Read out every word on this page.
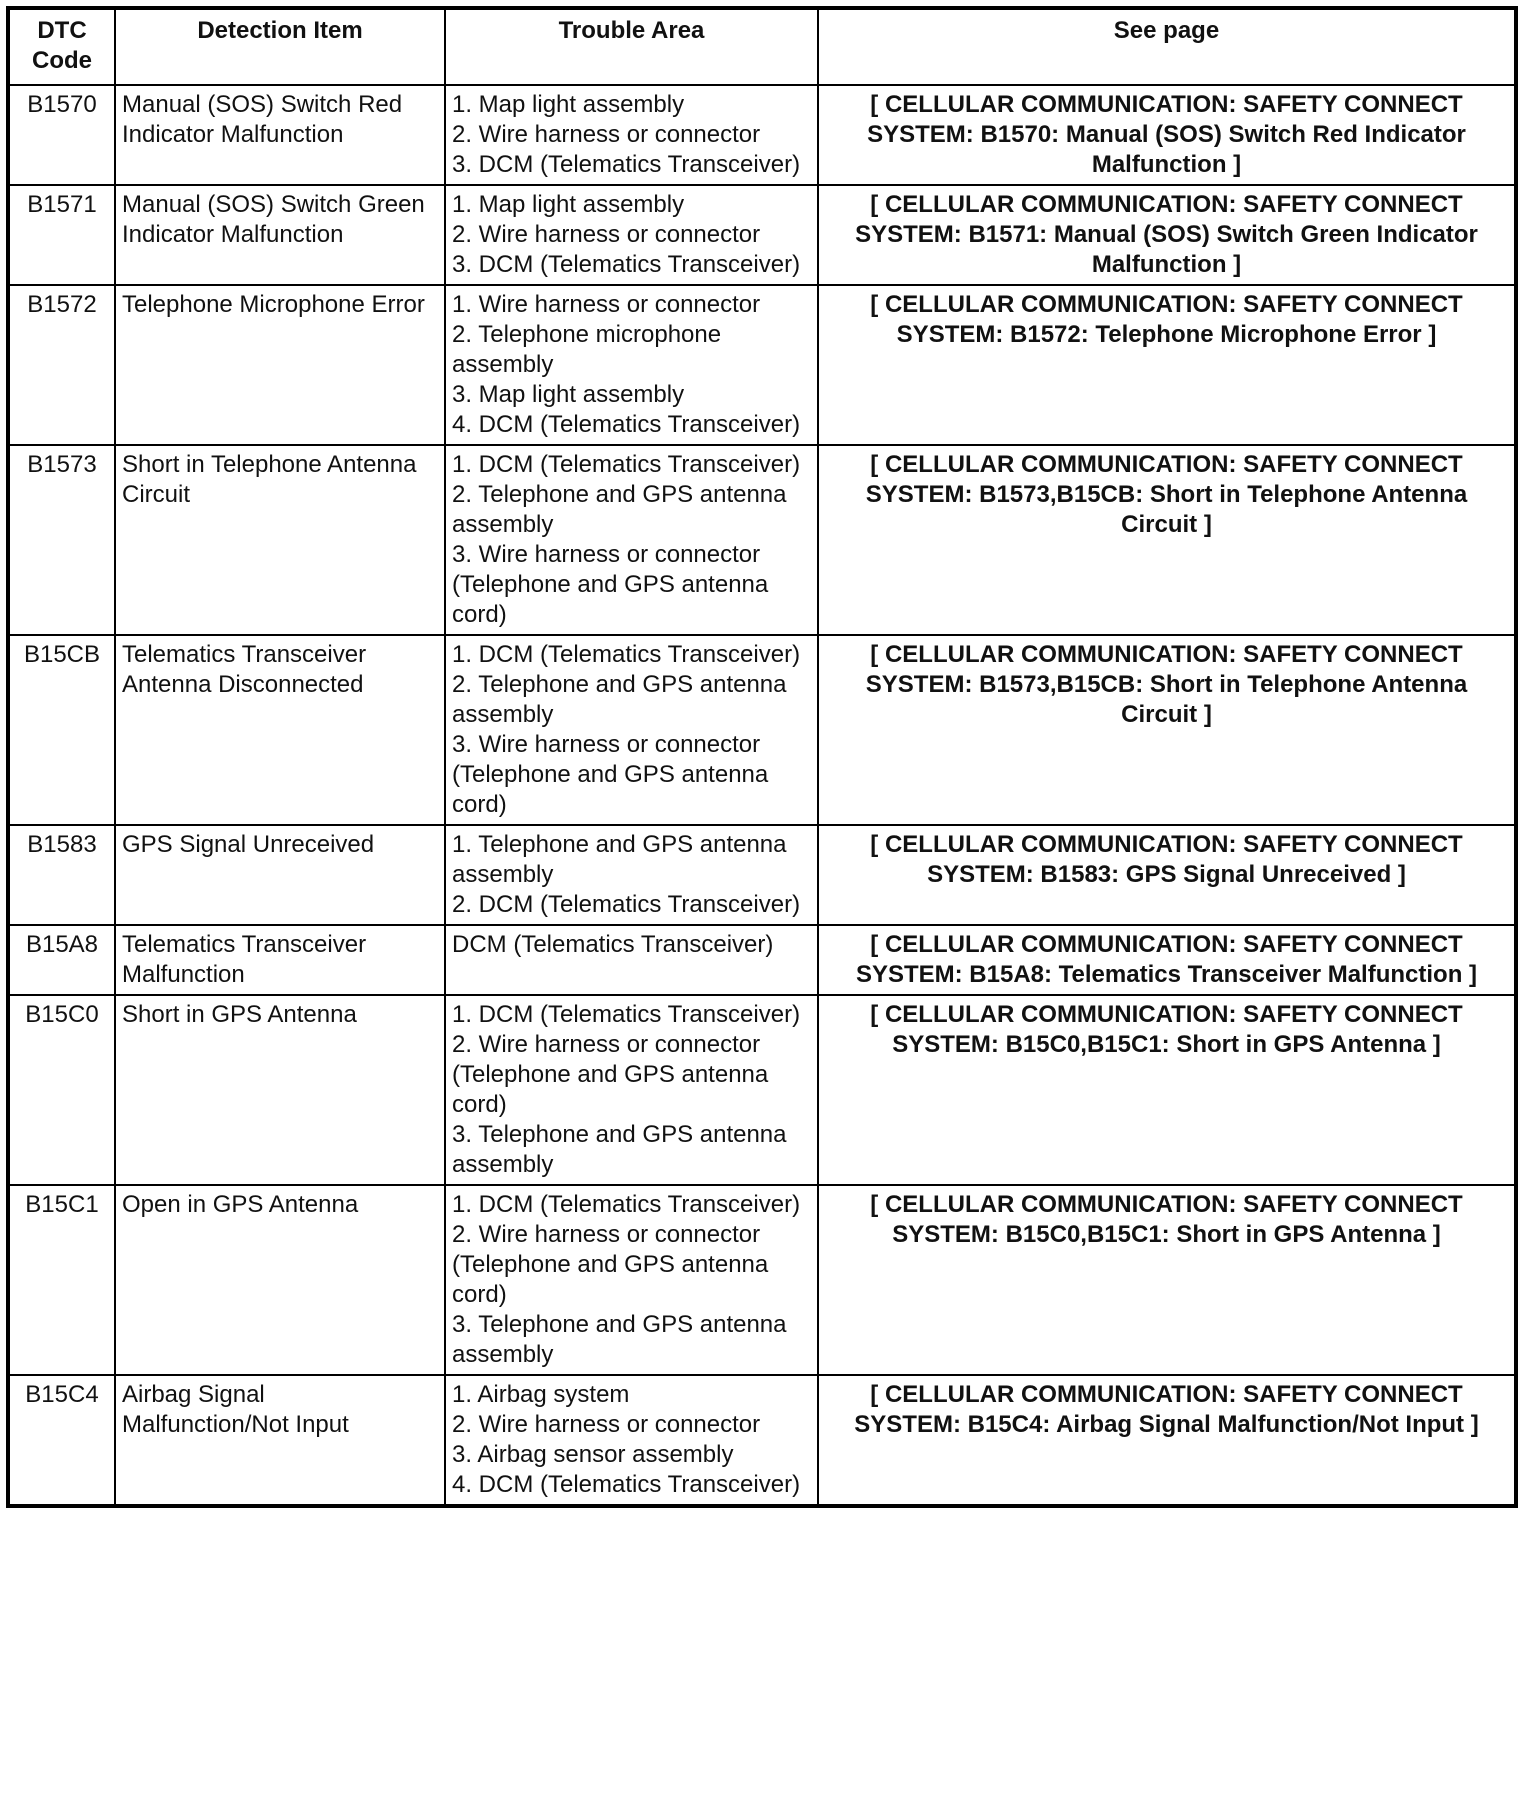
DTC
Code	Detection Item	Trouble Area	See page
B1570	Manual (SOS) Switch Red Indicator Malfunction	1. Map light assembly
2. Wire harness or connector
3. DCM (Telematics Transceiver)	[ CELLULAR COMMUNICATION: SAFETY CONNECT SYSTEM: B1570: Manual (SOS) Switch Red Indicator Malfunction ]
B1571	Manual (SOS) Switch Green Indicator Malfunction	1. Map light assembly
2. Wire harness or connector
3. DCM (Telematics Transceiver)	[ CELLULAR COMMUNICATION: SAFETY CONNECT SYSTEM: B1571: Manual (SOS) Switch Green Indicator Malfunction ]
B1572	Telephone Microphone Error	1. Wire harness or connector
2. Telephone microphone assembly
3. Map light assembly
4. DCM (Telematics Transceiver)	[ CELLULAR COMMUNICATION: SAFETY CONNECT SYSTEM: B1572: Telephone Microphone Error ]
B1573	Short in Telephone Antenna Circuit	1. DCM (Telematics Transceiver)
2. Telephone and GPS antenna assembly
3. Wire harness or connector (Telephone and GPS antenna cord)	[ CELLULAR COMMUNICATION: SAFETY CONNECT SYSTEM: B1573,B15CB: Short in Telephone Antenna Circuit ]
B15CB	Telematics Transceiver Antenna Disconnected	1. DCM (Telematics Transceiver)
2. Telephone and GPS antenna assembly
3. Wire harness or connector (Telephone and GPS antenna cord)	[ CELLULAR COMMUNICATION: SAFETY CONNECT SYSTEM: B1573,B15CB: Short in Telephone Antenna Circuit ]
B1583	GPS Signal Unreceived	1. Telephone and GPS antenna assembly
2. DCM (Telematics Transceiver)	[ CELLULAR COMMUNICATION: SAFETY CONNECT SYSTEM: B1583: GPS Signal Unreceived ]
B15A8	Telematics Transceiver Malfunction	DCM (Telematics Transceiver)	[ CELLULAR COMMUNICATION: SAFETY CONNECT SYSTEM: B15A8: Telematics Transceiver Malfunction ]
B15C0	Short in GPS Antenna	1. DCM (Telematics Transceiver)
2. Wire harness or connector (Telephone and GPS antenna cord)
3. Telephone and GPS antenna assembly	[ CELLULAR COMMUNICATION: SAFETY CONNECT SYSTEM: B15C0,B15C1: Short in GPS Antenna ]
B15C1	Open in GPS Antenna	1. DCM (Telematics Transceiver)
2. Wire harness or connector (Telephone and GPS antenna cord)
3. Telephone and GPS antenna assembly	[ CELLULAR COMMUNICATION: SAFETY CONNECT SYSTEM: B15C0,B15C1: Short in GPS Antenna ]
B15C4	Airbag Signal Malfunction/Not Input	1. Airbag system
2. Wire harness or connector
3. Airbag sensor assembly
4. DCM (Telematics Transceiver)	[ CELLULAR COMMUNICATION: SAFETY CONNECT SYSTEM: B15C4: Airbag Signal Malfunction/Not Input ]
